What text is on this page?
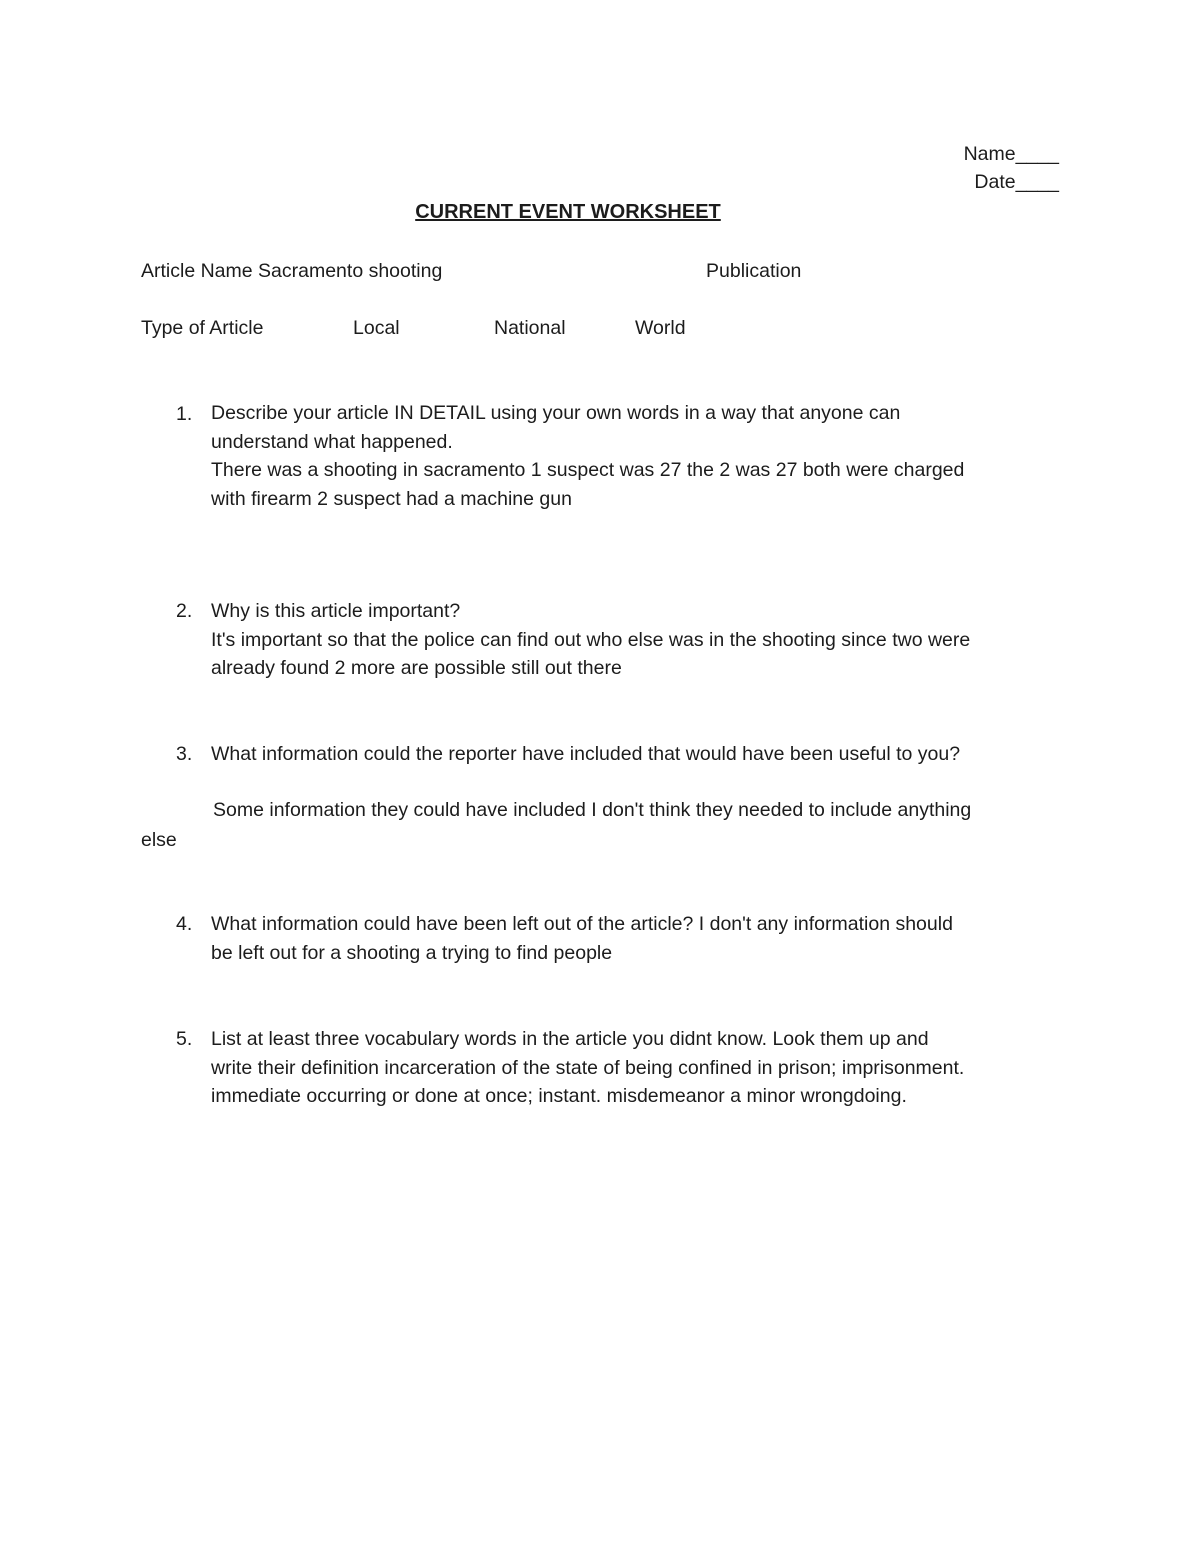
Name____
Date____
CURRENT EVENT WORKSHEET
Article Name Sacramento shooting	Publication
Type of Article	Local	National	World
1. Describe your article IN DETAIL using your own words in a way that anyone can
understand what happened.
There was a shooting in sacramento 1 suspect was 27 the 2 was 27 both were charged
with firearm 2 suspect had a machine gun
2. Why is this article important?
It's important so that the police can find out who else was in the shooting since two were
already found 2 more are possible still out there
3. What information could the reporter have included that would have been useful to you?
Some information they could have included I don't think they needed to include anything
else
4. What information could have been left out of the article? I don't any information should
be left out for a shooting a trying to find people
5. List at least three vocabulary words in the article you didnt know. Look them up and
write their definition incarceration of the state of being confined in prison; imprisonment.
immediate occurring or done at once; instant. misdemeanor a minor wrongdoing.
